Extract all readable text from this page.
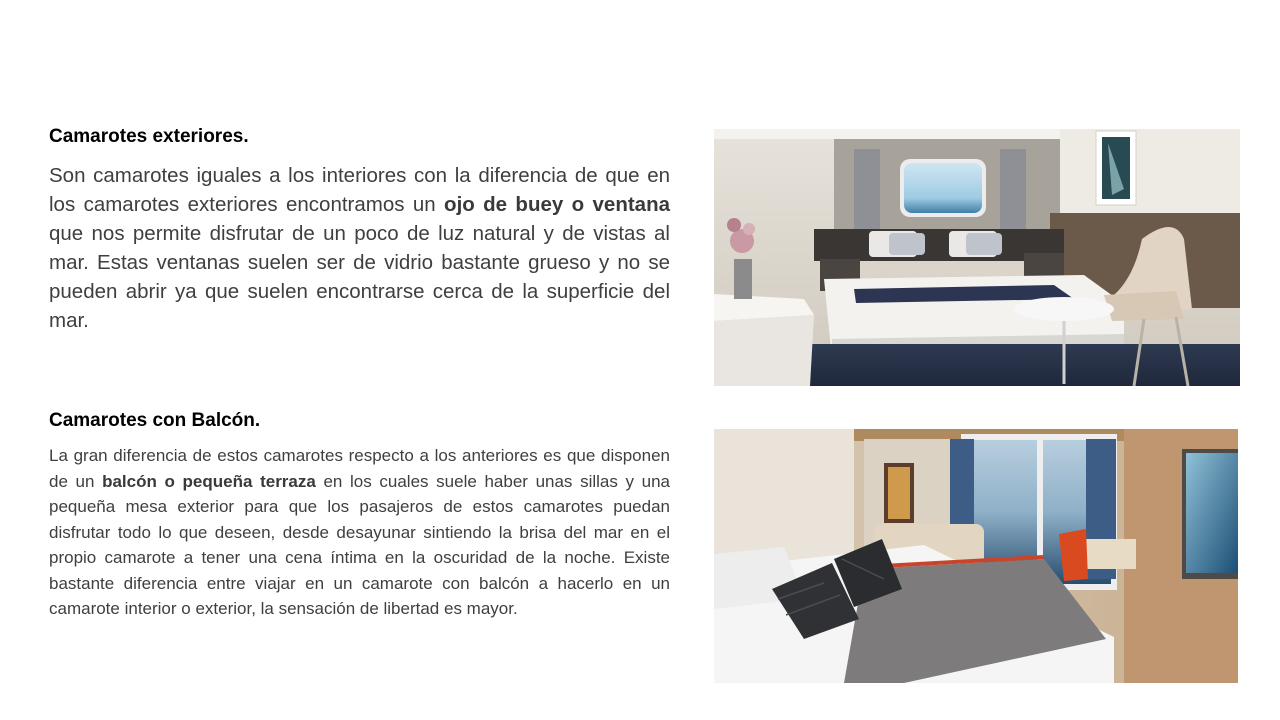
Camarotes exteriores.

Son camarotes iguales a los interiores con la diferencia de que en los camarotes exteriores encontramos un ojo de buey o ventana que nos permite disfrutar de un poco de luz natural y de vistas al mar. Estas ventanas suelen ser de vidrio bastante grueso y no se pueden abrir ya que suelen encontrarse cerca de la superficie del mar.

Camarotes con Balcón.

La gran diferencia de estos camarotes respecto a los anteriores es que disponen de un balcón o pequeña terraza en los cuales suele haber unas sillas y una pequeña mesa exterior para que los pasajeros de estos camarotes puedan disfrutar todo lo que deseen, desde desayunar sintiendo la brisa del mar en el propio camarote a tener una cena íntima en la oscuridad de la noche. Existe bastante diferencia entre viajar en un camarote con balcón a hacerlo en un camarote interior o exterior, la sensación de libertad es mayor.
